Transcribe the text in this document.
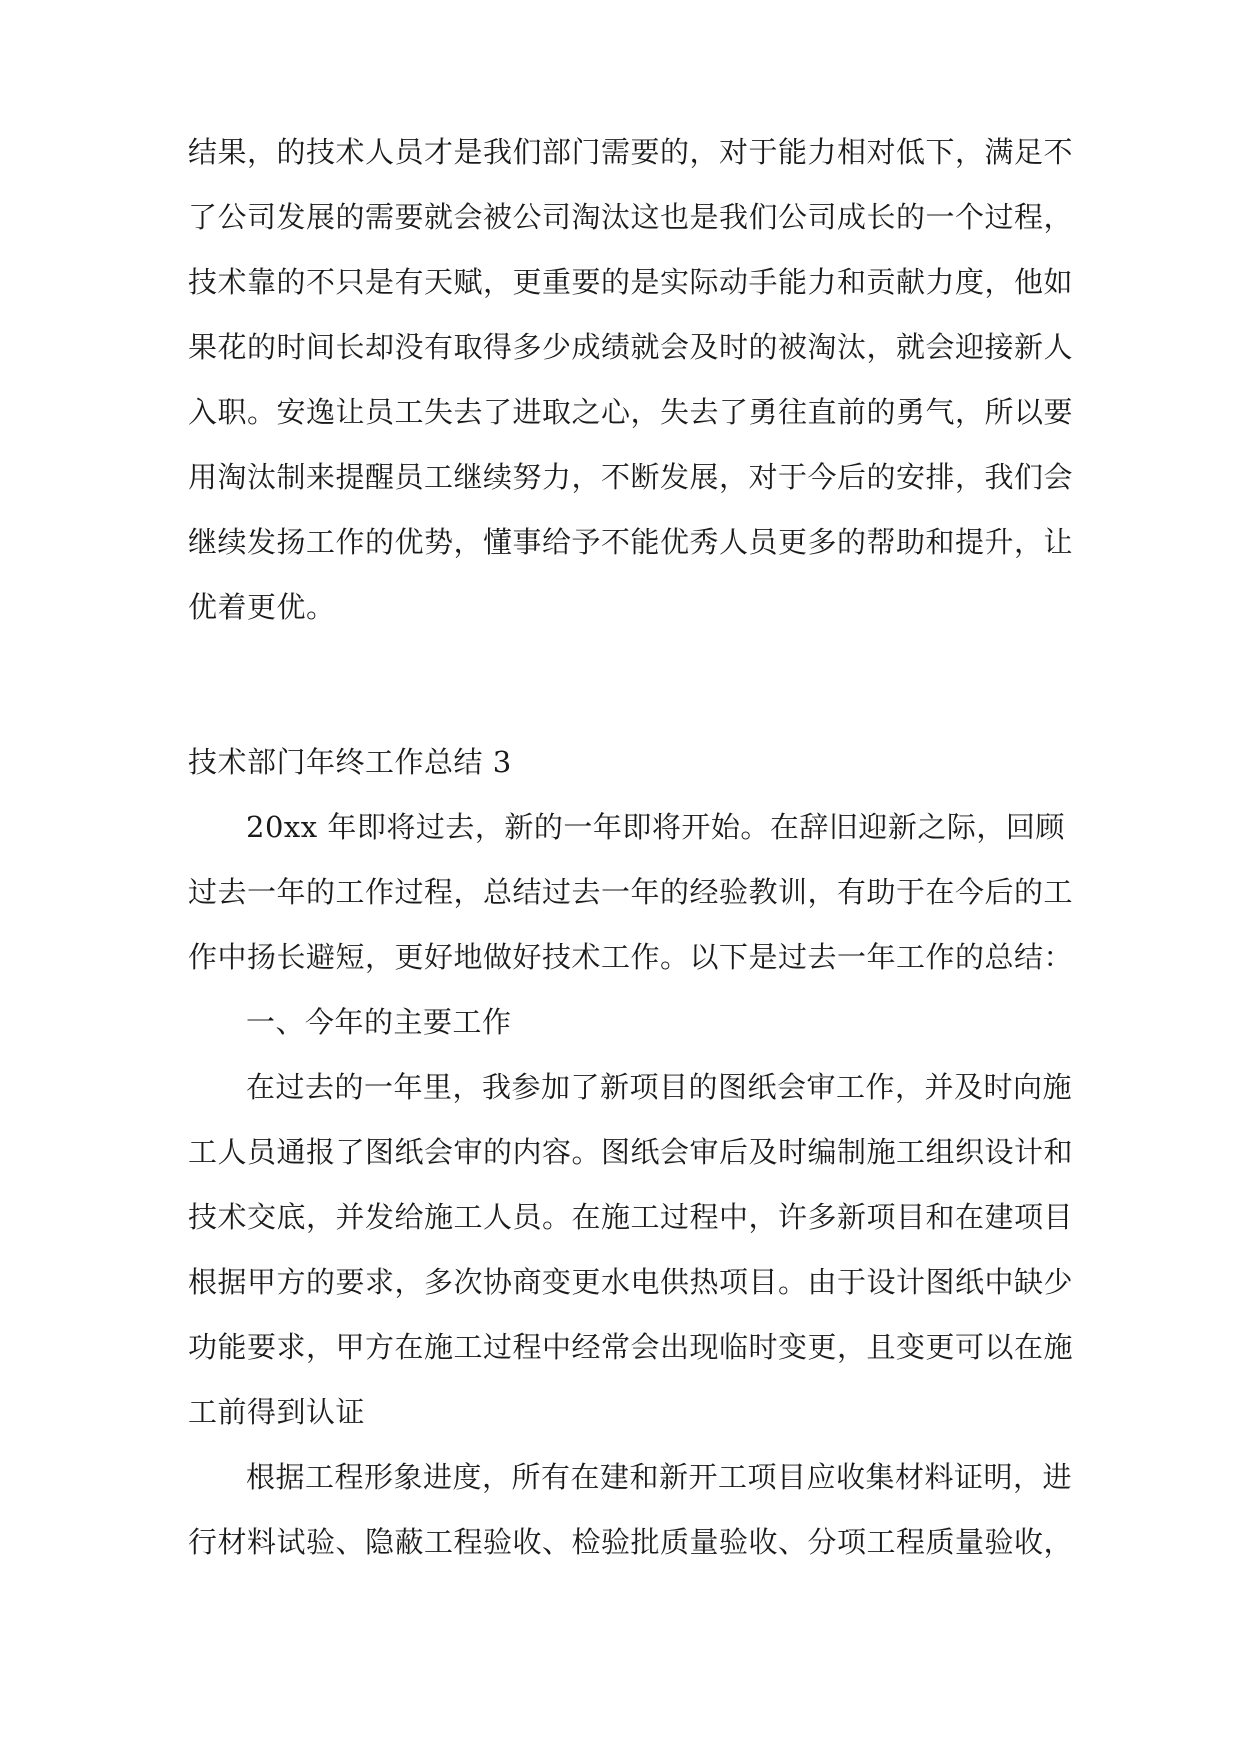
结果，的技术人员才是我们部门需要的，对于能力相对低下，满足不
了公司发展的需要就会被公司淘汰这也是我们公司成长的一个过程，
技术靠的不只是有天赋，更重要的是实际动手能力和贡献力度，他如
果花的时间长却没有取得多少成绩就会及时的被淘汰，就会迎接新人
入职。安逸让员工失去了进取之心，失去了勇往直前的勇气，所以要
用淘汰制来提醒员工继续努力，不断发展，对于今后的安排，我们会
继续发扬工作的优势，懂事给予不能优秀人员更多的帮助和提升，让
优着更优。
技术部门年终工作总结 3
20xx 年即将过去，新的一年即将开始。在辞旧迎新之际，回顾
过去一年的工作过程，总结过去一年的经验教训，有助于在今后的工
作中扬长避短，更好地做好技术工作。以下是过去一年工作的总结：
一、今年的主要工作
在过去的一年里，我参加了新项目的图纸会审工作，并及时向施
工人员通报了图纸会审的内容。图纸会审后及时编制施工组织设计和
技术交底，并发给施工人员。在施工过程中，许多新项目和在建项目
根据甲方的要求，多次协商变更水电供热项目。由于设计图纸中缺少
功能要求，甲方在施工过程中经常会出现临时变更，且变更可以在施
工前得到认证
根据工程形象进度，所有在建和新开工项目应收集材料证明，进
行材料试验、隐蔽工程验收、检验批质量验收、分项工程质量验收，
